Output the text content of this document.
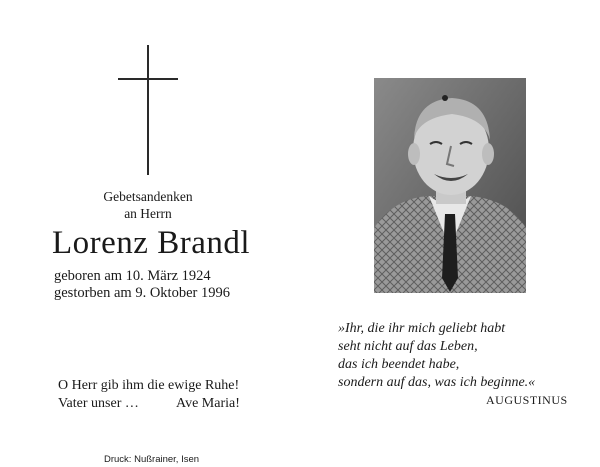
Gebetsandenken
an Herrn
Lorenz Brandl
geboren am 10. März 1924
gestorben am 9. Oktober 1996
O Herr gib ihm die ewige Ruhe!
Vater unser …	Ave Maria!
Druck: Nußrainer, Isen
»Ihr, die ihr mich geliebt habt
seht nicht auf das Leben,
das ich beendet habe,
sondern auf das, was ich beginne.«
AUGUSTINUS
